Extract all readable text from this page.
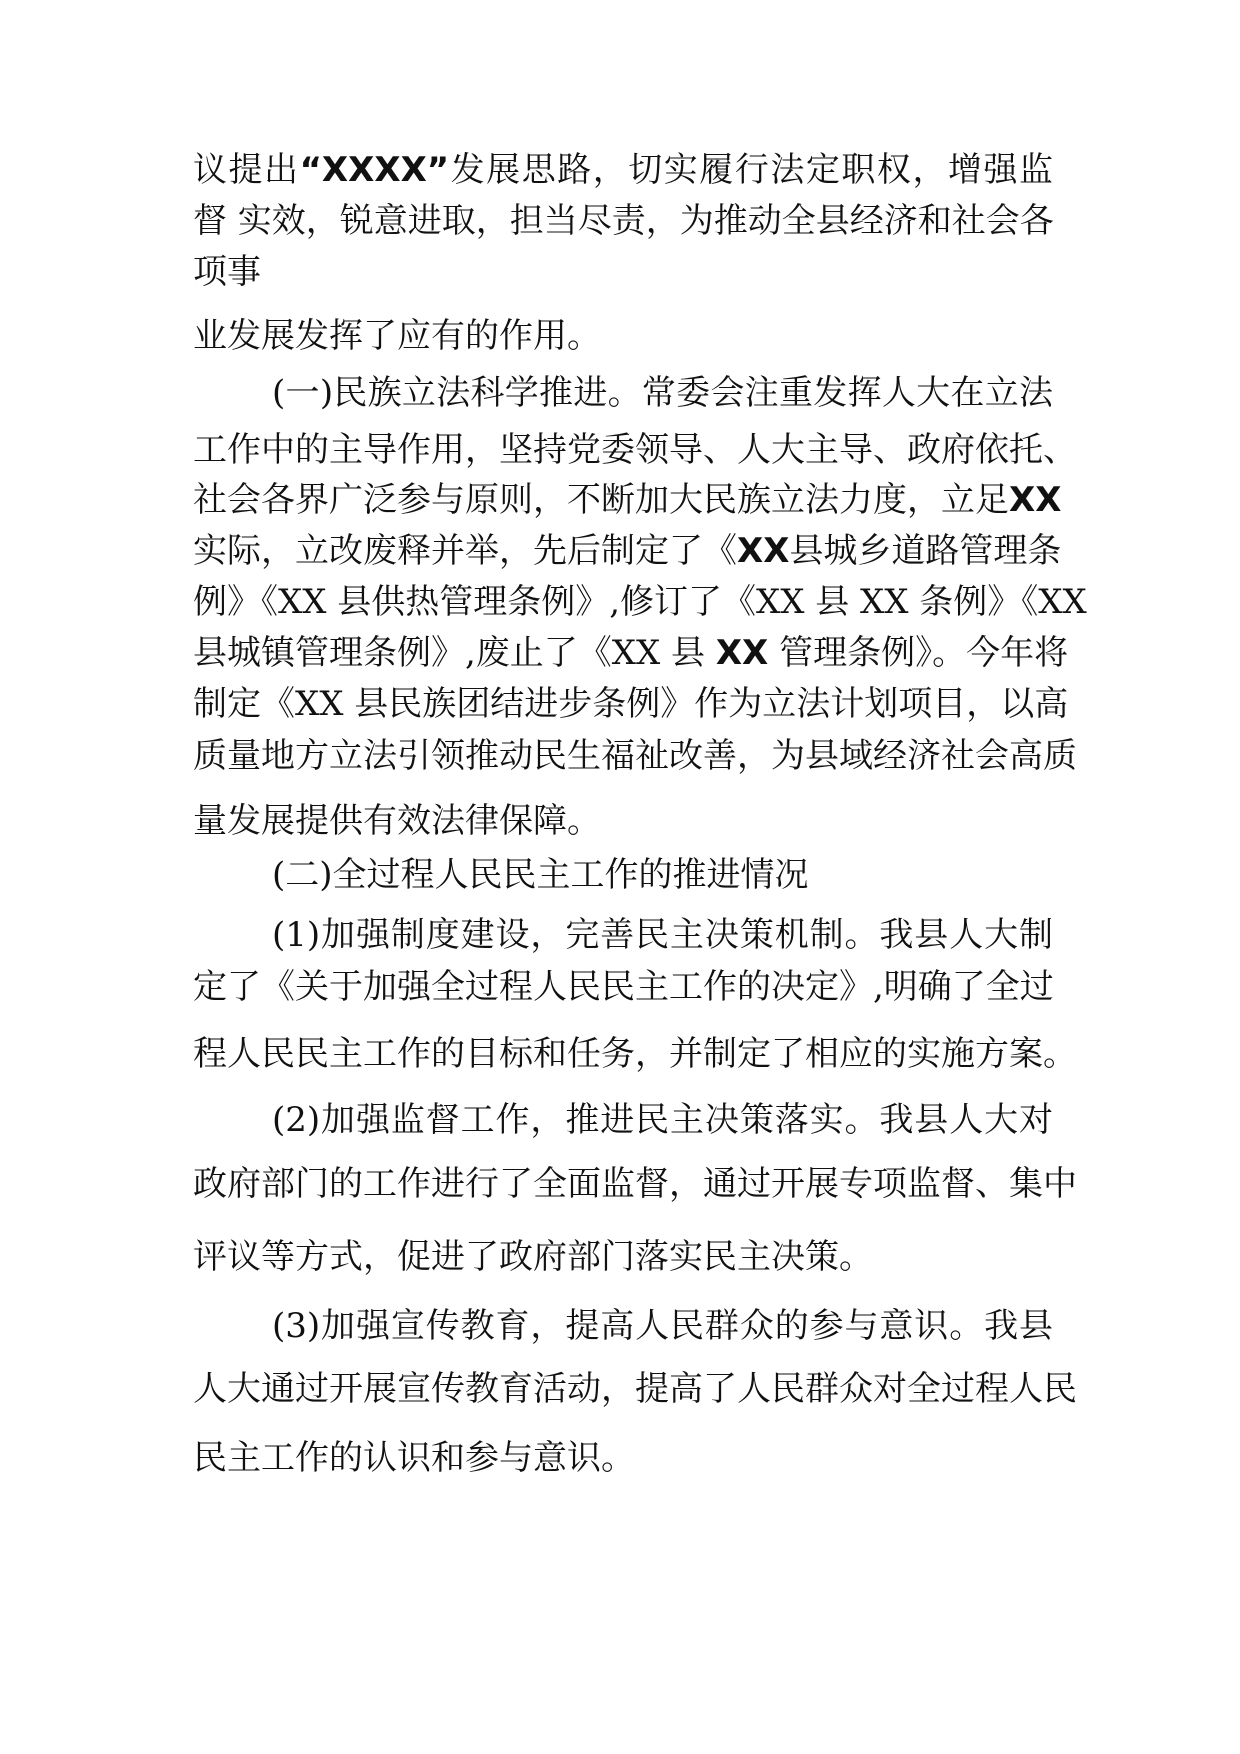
议提出“XXXX”发展思路，切实履行法定职权，增强监

督 实效，锐意进取，担当尽责，为推动全县经济和社会各

项事

业发展发挥了应有的作用。

(一)民族立法科学推进。常委会注重发挥人大在立法

工作中的主导作用，坚持党委领导、人大主导、政府依托、

社会各界广泛参与原则，不断加大民族立法力度，立足XX

实际，立改废释并举，先后制定了《XX县城乡道路管理条

例》《XX 县供热管理条例》,修订了《XX 县 XX 条例》《XX

县城镇管理条例》,废止了《XX 县 XX 管理条例》。今年将

制定《XX 县民族团结进步条例》作为立法计划项目，以高

质量地方立法引领推动民生福祉改善，为县域经济社会高质

量发展提供有效法律保障。

(二)全过程人民民主工作的推进情况

(1)加强制度建设，完善民主决策机制。我县人大制

定了《关于加强全过程人民民主工作的决定》,明确了全过

程人民民主工作的目标和任务，并制定了相应的实施方案。

(2)加强监督工作，推进民主决策落实。我县人大对

政府部门的工作进行了全面监督，通过开展专项监督、集中

评议等方式，促进了政府部门落实民主决策。

(3)加强宣传教育，提高人民群众的参与意识。我县

人大通过开展宣传教育活动，提高了人民群众对全过程人民

民主工作的认识和参与意识。
